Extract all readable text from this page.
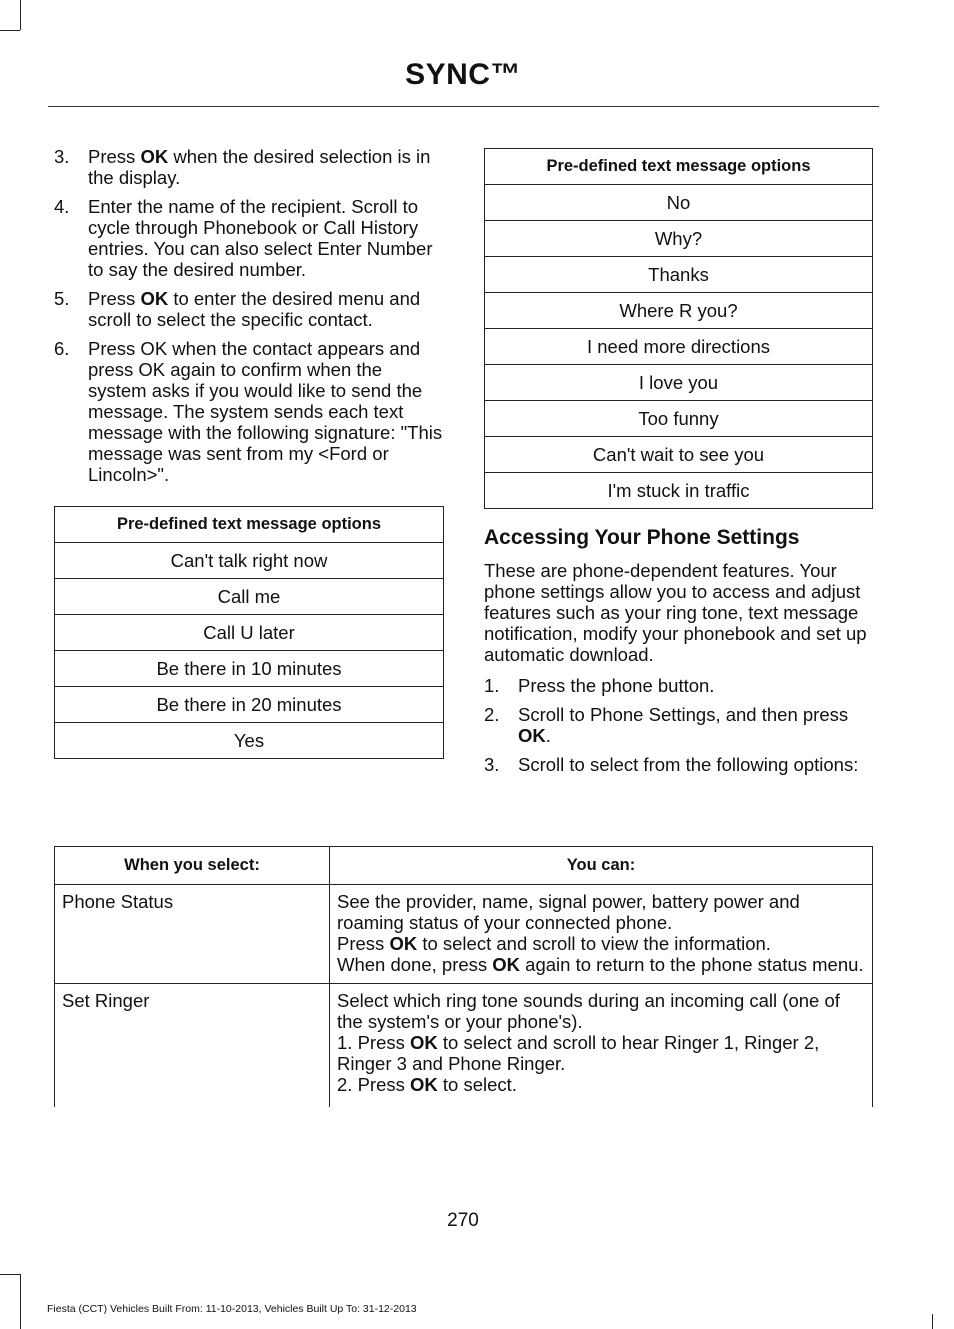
SYNC™
3. Press OK when the desired selection is in the display.
4. Enter the name of the recipient. Scroll to cycle through Phonebook or Call History entries. You can also select Enter Number to say the desired number.
5. Press OK to enter the desired menu and scroll to select the specific contact.
6. Press OK when the contact appears and press OK again to confirm when the system asks if you would like to send the message. The system sends each text message with the following signature: "This message was sent from my <Ford or Lincoln>".
Pre-defined text message options
Can't talk right now
Call me
Call U later
Be there in 10 minutes
Be there in 20 minutes
Yes
Pre-defined text message options
No
Why?
Thanks
Where R you?
I need more directions
I love you
Too funny
Can't wait to see you
I'm stuck in traffic
Accessing Your Phone Settings

These are phone-dependent features. Your phone settings allow you to access and adjust features such as your ring tone, text message notification, modify your phonebook and set up automatic download.

1. Press the phone button.
2. Scroll to Phone Settings, and then press OK.
3. Scroll to select from the following options:
When you select:	You can:
Phone Status	See the provider, name, signal power, battery power and roaming status of your connected phone.
Press OK to select and scroll to view the information.
When done, press OK again to return to the phone status menu.

Set Ringer	Select which ring tone sounds during an incoming call (one of the system's or your phone's).
1. Press OK to select and scroll to hear Ringer 1, Ringer 2, Ringer 3 and Phone Ringer.
2. Press OK to select.
270
Fiesta (CCT) Vehicles Built From: 11-10-2013, Vehicles Built Up To: 31-12-2013
